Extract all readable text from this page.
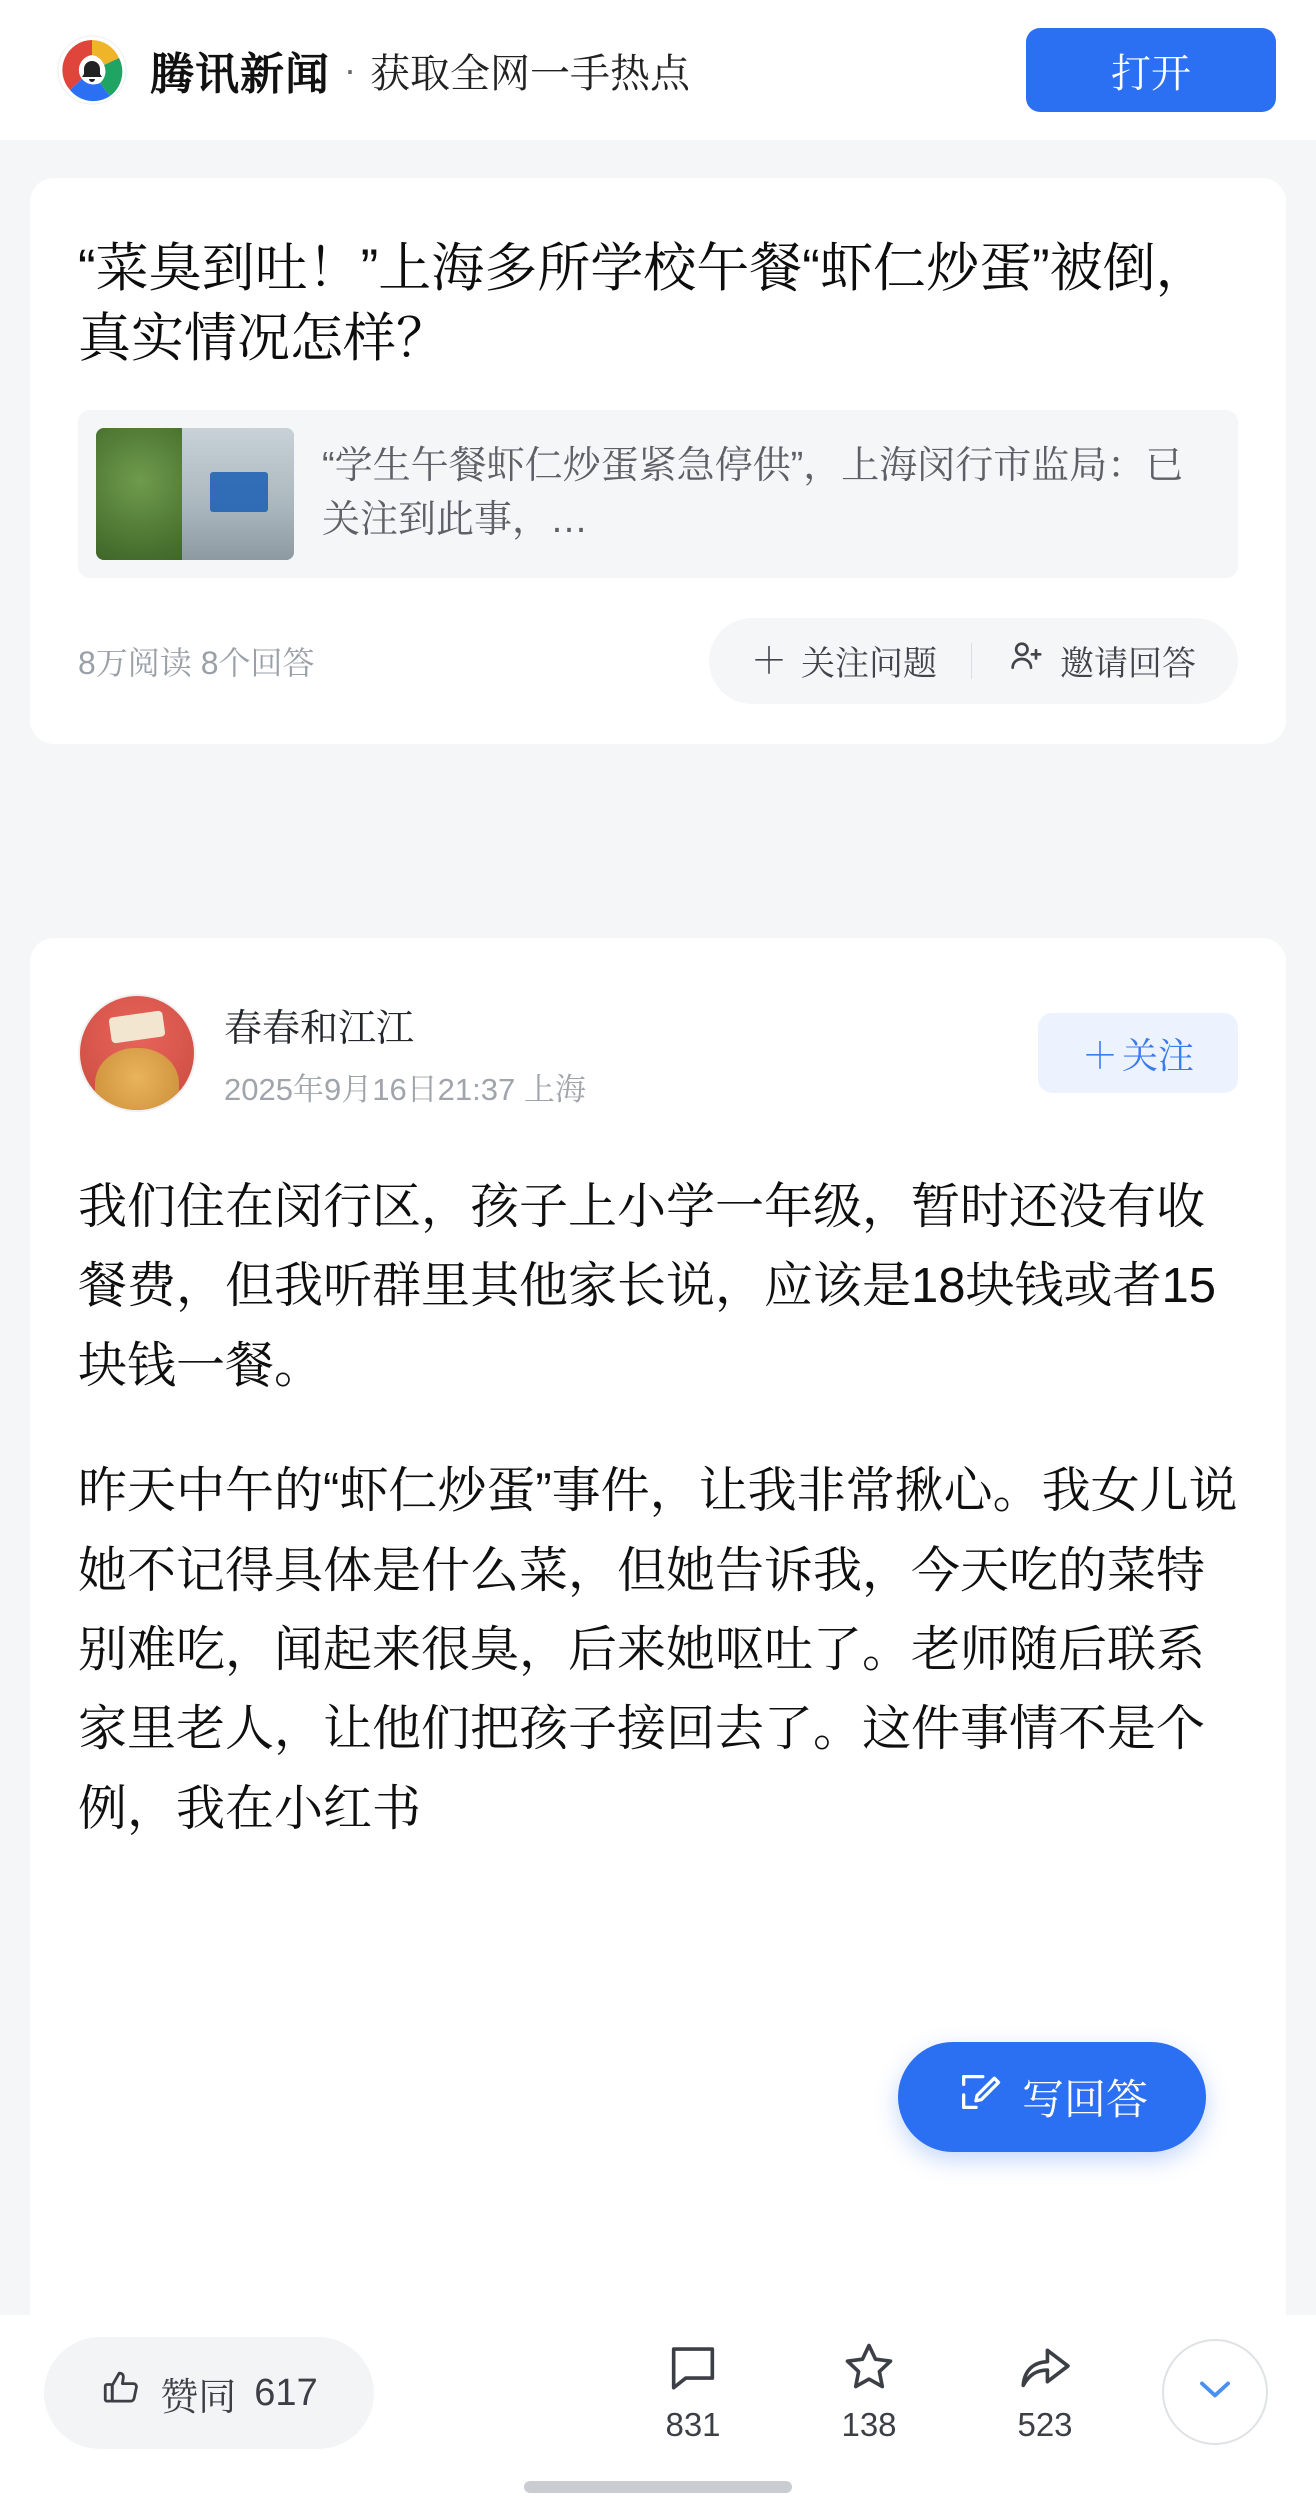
腾讯新闻 · 获取全网一手热点	打开
“菜臭到吐！”上海多所学校午餐“虾仁炒蛋”被倒，真实情况怎样？
“学生午餐虾仁炒蛋紧急停供”，上海闵行市监局：已关注到此事，…
8万阅读 8个回答	＋ 关注问题	邀请回答
春春和江江
2025年9月16日21:37 上海
＋ 关注

我们住在闵行区，孩子上小学一年级，暂时还没有收餐费，但我听群里其他家长说，应该是18块钱或者15块钱一餐。

昨天中午的“虾仁炒蛋”事件，让我非常揪心。我女儿说她不记得具体是什么菜，但她告诉我，今天吃的菜特别难吃，闻起来很臭，后来她呕吐了。老师随后联系家里老人，让他们把孩子接回去了。这件事情不是个例，我在小红书

写回答
赞同 617
831	138	523
